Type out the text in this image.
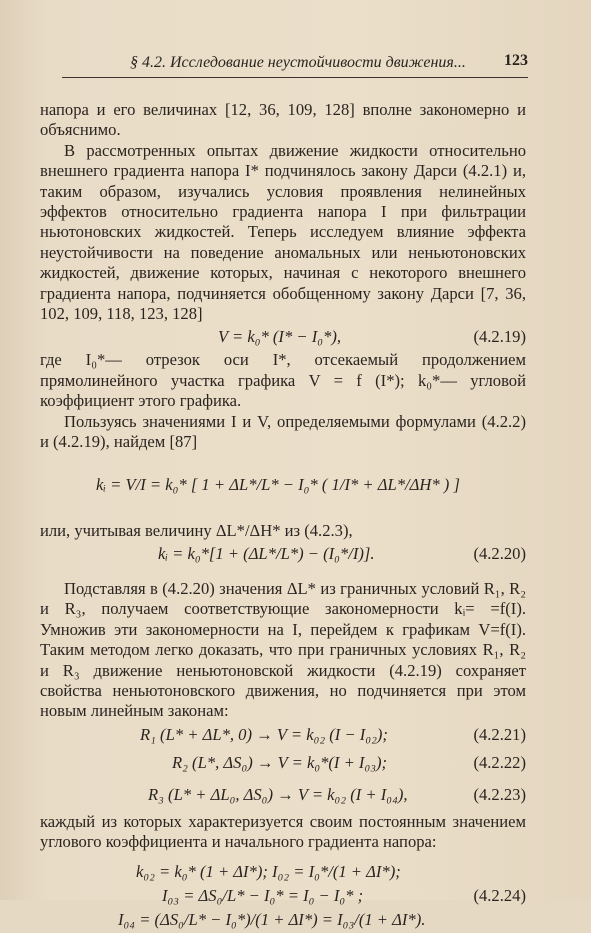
§ 4.2. Исследование неустойчивости движения... 123

напора и его величинах [12, 36, 109, 128] вполне закономерно и объяснимо.

В рассмотренных опытах движение жидкости относительно внешнего градиента напора I* подчинялось закону Дарси (4.2.1) и, таким образом, изучались условия проявления нелинейных эффектов относительно градиента напора I при фильтрации ньютоновских жидкостей. Теперь исследуем влияние эффекта неустойчивости на поведение аномальных или неньютоновских жидкостей, движение которых, начиная с некоторого внешнего градиента напора, подчиняется обобщенному закону Дарси [7, 36, 102, 109, 118, 123, 128]

V = k₀* (I* − I₀*),	(4.2.19)

где I₀*— отрезок оси I*, отсекаемый продолжением прямолинейного участка графика V = f (I*); k₀*— угловой коэффициент этого графика.

Пользуясь значениями I и V, определяемыми формулами (4.2.2) и (4.2.19), найдем [87]

kᵢ = V/I = k₀* [ 1 + ΔL*/L* − I₀* ( 1/I* + ΔL*/ΔH* ) ]

или, учитывая величину ΔL*/ΔH* из (4.2.3),

kᵢ = k₀*[1 + (ΔL*/L*) − (I₀*/I)].	(4.2.20)

Подставляя в (4.2.20) значения ΔL* из граничных условий R₁, R₂ и R₃, получаем соответствующие закономерности kᵢ= =f(I). Умножив эти закономерности на I, перейдем к графикам V=f(I). Таким методом легко доказать, что при граничных условиях R₁, R₂ и R₃ движение неньютоновской жидкости (4.2.19) сохраняет свойства неньютоновского движения, но подчиняется при этом новым линейным законам:

R₁ (L* + ΔL*, 0) → V = k₀₂ (I − I₀₂);	(4.2.21)
R₂ (L*, ΔS₀) → V = k₀*(I + I₀₃);	(4.2.22)
R₃ (L* + ΔL₀, ΔS₀) → V = k₀₂ (I + I₀₄),	(4.2.23)

каждый из которых характеризуется своим постоянным значением углового коэффициента и начального градиента напора:

k₀₂ = k₀* (1 + ΔI*); I₀₂ = I₀*/(1 + ΔI*);
I₀₃ = ΔS₀/L* − I₀* = I₀ − I₀* ;	(4.2.24)
I₀₄ = (ΔS₀/L* − I₀*)/(1 + ΔI*) = I₀₃/(1 + ΔI*).
